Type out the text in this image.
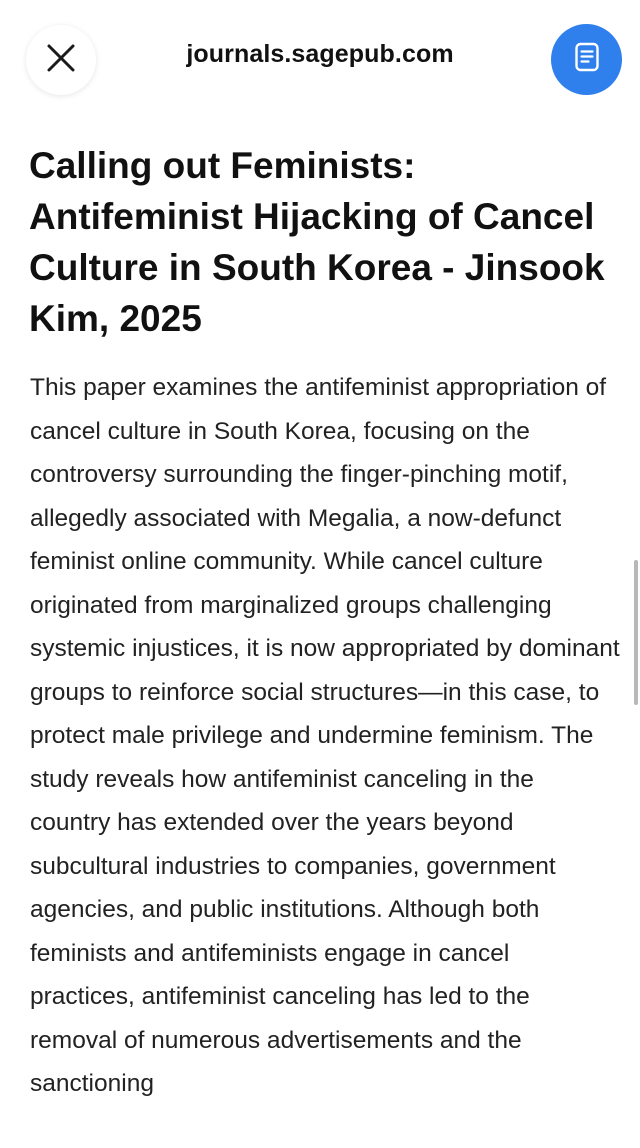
journals.sagepub.com
Calling out Feminists: Antifeminist Hijacking of Cancel Culture in South Korea - Jinsook Kim, 2025

This paper examines the antifeminist appropriation of cancel culture in South Korea, focusing on the controversy surrounding the finger-pinching motif, allegedly associated with Megalia, a now-defunct feminist online community. While cancel culture originated from marginalized groups challenging systemic injustices, it is now appropriated by dominant groups to reinforce social structures—in this case, to protect male privilege and undermine feminism. The study reveals how antifeminist canceling in the country has extended over the years beyond subcultural industries to companies, government agencies, and public institutions. Although both feminists and antifeminists engage in cancel practices, antifeminist canceling has led to the removal of numerous advertisements and the sanctioning
